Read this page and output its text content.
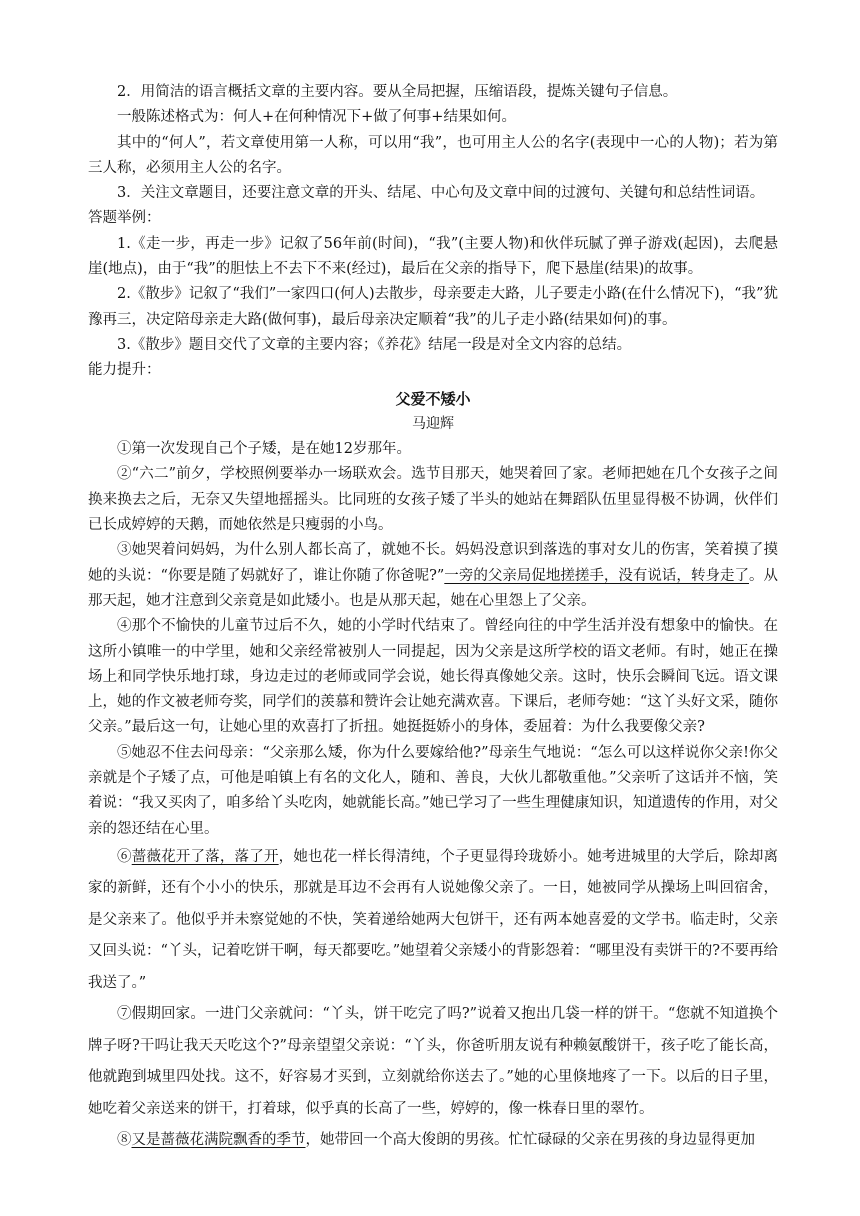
2．用简洁的语言概括文章的主要内容。要从全局把握，压缩语段，提炼关键句子信息。

一般陈述格式为：何人+在何种情况下+做了何事+结果如何。

其中的“何人”，若文章使用第一人称，可以用“我”，也可用主人公的名字(表现中一心的人物)；若为第三人称，必须用主人公的名字。

3．关注文章题目，还要注意文章的开头、结尾、中心句及文章中间的过渡句、关键句和总结性词语。

答题举例：

1.《走一步，再走一步》记叙了56年前(时间)，“我”(主要人物)和伙伴玩腻了弹子游戏(起因)，去爬悬崖(地点)，由于“我”的胆怯上不去下不来(经过)，最后在父亲的指导下，爬下悬崖(结果)的故事。

2.《散步》记叙了“我们”一家四口(何人)去散步，母亲要走大路，儿子要走小路(在什么情况下)，“我”犹豫再三，决定陪母亲走大路(做何事)，最后母亲决定顺着“我”的儿子走小路(结果如何)的事。

3.《散步》题目交代了文章的主要内容；《养花》结尾一段是对全文内容的总结。

能力提升：

父爱不矮小

马迎辉

①第一次发现自己个子矮，是在她12岁那年。

②“六二”前夕，学校照例要举办一场联欢会。选节目那天，她哭着回了家。老师把她在几个女孩子之间换来换去之后，无奈又失望地摇摇头。比同班的女孩子矮了半头的她站在舞蹈队伍里显得极不协调，伙伴们已长成婷婷的天鹅，而她依然是只瘦弱的小鸟。

③她哭着问妈妈，为什么别人都长高了，就她不长。妈妈没意识到落选的事对女儿的伤害，笑着摸了摸她的头说：“你要是随了妈就好了，谁让你随了你爸呢?”一旁的父亲局促地搓搓手，没有说话，转身走了。从那天起，她才注意到父亲竟是如此矮小。也是从那天起，她在心里怨上了父亲。

④那个不愉快的儿童节过后不久，她的小学时代结束了。曾经向往的中学生活并没有想象中的愉快。在这所小镇唯一的中学里，她和父亲经常被别人一同提起，因为父亲是这所学校的语文老师。有时，她正在操场上和同学快乐地打球，身边走过的老师或同学会说，她长得真像她父亲。这时，快乐会瞬间飞远。语文课上，她的作文被老师夸奖，同学们的羡慕和赞许会让她充满欢喜。下课后，老师夸她：“这丫头好文采，随你父亲。”最后这一句，让她心里的欢喜打了折扭。她挺挺娇小的身体，委屈着：为什么我要像父亲?

⑤她忍不住去问母亲：“父亲那么矮，你为什么要嫁给他?”母亲生气地说：“怎么可以这样说你父亲!你父亲就是个子矮了点，可他是咱镇上有名的文化人，随和、善良，大伙儿都敬重他。”父亲听了这话并不恼，笑着说：“我又买肉了，咱多给丫头吃肉，她就能长高。”她已学习了一些生理健康知识，知道遗传的作用，对父亲的怨还结在心里。

⑥蔷薇花开了落，落了开，她也花一样长得清纯，个子更显得玲珑娇小。她考进城里的大学后，除却离家的新鲜，还有个小小的快乐，那就是耳边不会再有人说她像父亲了。一日，她被同学从操场上叫回宿舍，是父亲来了。他似乎并未察觉她的不快，笑着递给她两大包饼干，还有两本她喜爱的文学书。临走时，父亲又回头说：“丫头，记着吃饼干啊，每天都要吃。”她望着父亲矮小的背影怨着：“哪里没有卖饼干的?不要再给我送了。”

⑦假期回家。一进门父亲就问：“丫头，饼干吃完了吗?”说着又抱出几袋一样的饼干。“您就不知道换个牌子呀?干吗让我天天吃这个?”母亲望望父亲说：“丫头，你爸听朋友说有种赖氨酸饼干，孩子吃了能长高，他就跑到城里四处找。这不，好容易才买到，立刻就给你送去了。”她的心里倏地疼了一下。以后的日子里，她吃着父亲送来的饼干，打着球，似乎真的长高了一些，婷婷的，像一株春日里的翠竹。

⑧又是蔷薇花满院飘香的季节，她带回一个高大俊朗的男孩。忙忙碌碌的父亲在男孩的身边显得更加
